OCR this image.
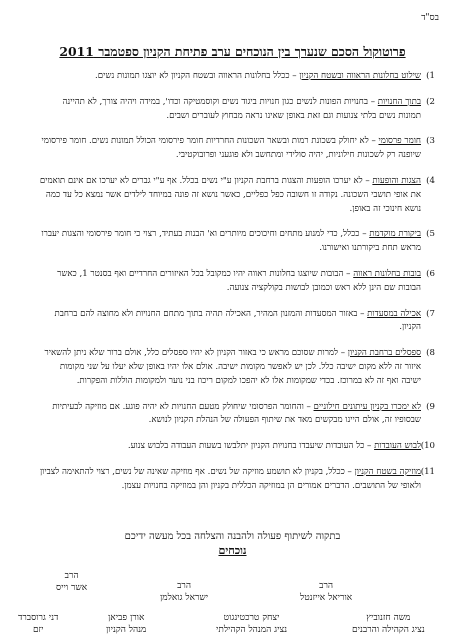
בס"ד
פרוטוקול הסכם שנערך בין הנוכחים ערב פתיחת הקניון ספטמבר 2011
1)
שילוט בחלונות הראווה ובשטח הקניון – ככלל בחלונות הראווה ובשטח הקניון לא יוצגו תמונות נשים.
2)
בתוך החנויות – בחנויות הפונות לנשים כגון חנויות ביגוד נשים וקוסמטיקה וכדו', במידה ויהיה צורך, לא תהיינה תמונות נשים בלתי צנועות וגם זאת באופן שאינו נראה מבחוץ לעוברים ושבים.
3)
חומר פרסומי – לא יחולק בשכונת רמות ובשאר השכונות החרדיות חומר פירסומי הכולל תמונות נשים. חומר פירסומי שיופנה רק לשכונות חילוניות, יהיה סולידי ומתחשב ולא פוגעני ופרובוקטיבי.
4)
הצגות והופעות – לא יערכו הופעות והצגות ברחבת הקניון ע"י נשים בכלל. אף ע"י גברים לא יערכו אם אינם תואמים את אופי תושבי השכונה. נקודה זו חשובה כפל כפליים, כאשר נושא זה פונה במיוחד לילדים אשר נמצא כל עד כמה נושא חינוכי זה באופן.
5)
ביקורת מוקדמת – ככלל, כדי למנוע מתחים וחיכוכים מיותרים וא' הבנות בעתיד, רצוי כי חומר פירסומי והצגות יעברו מראש תחת ביקורתנו ואישורנו.
6)
בובות בחלונות ראווה – הבובות שיוצגו בחלונות ראווה יהיו כמקובל בכל האיזורים החרדיים ואף בסנטר 1, כאשר הבובות שם הינן ללא ראש וכמובן לבושות בקולקציה צנועה.
7)
אכילה במסעדות – באזור המסעדות והמזנון המהיר, האכילה תהיה בתוך מתחם החנויות ולא מחוצה להם ברחבת הקניון.
8)
ספסלים ברחבת הקניון – למרות שסוכם מראש כי באזור הקניון לא יהיו ספסלים כלל, אולם ברור שלא ניתן להשאיר איזור זה ללא מקום ישיבה כלל. לכן יש לאפשר מקומות ישיבה. אולם אלו יהיו באופן שלא יעלו על שני מקומות ישיבה ואף זה לא במרוכז. בכדי שמקומות אלו לא יהפכו למקום ריכוז בני נוער ולמקומות הוללות והפקרות.
9)
לא ימכרו בקניון עיתונים חילוניים – והחומר הפרסומי שיחולק מטעם החנויות לא יהיה פוגע. אם מוזיקה לבעיתיות שבסופיו זה, אולם היינו מבקשים מאד את שיתוף הפעולה של הנהלת הקניון לנושא.
10)
לבוש העובדות – כל העובדות שיעבדו בחנויות הקניון יתלבשו בשעות העבודה בלבוש צנוע.
11)
מוזיקה בשטח הקניון – ככלל, בקניון לא תושמע מוזיקה של נשים. אף מוזיקה שאינה של נשים, רצוי להתאימה לצביון ולאופי של התושבים. הדברים אמורים הן במוזיקה הכללית בקניון והן במוזיקה בחנויות עצמן.
בתקוה לשיתוף פעולה ולהבנה והצלחה בכל מעשה ידיכם
נוכחים
הרב
אשר וייס	הרב
ישראל גואלמן
הרב
אוריאל אייזנטל
משה חזנוביץ
נציג הקהילה והרבנים
יצחק טרכטינגוט
נציג המנהל הקהילתי
אורן פביאן
מנהל הקניון
דני גרוסברד
יזם
